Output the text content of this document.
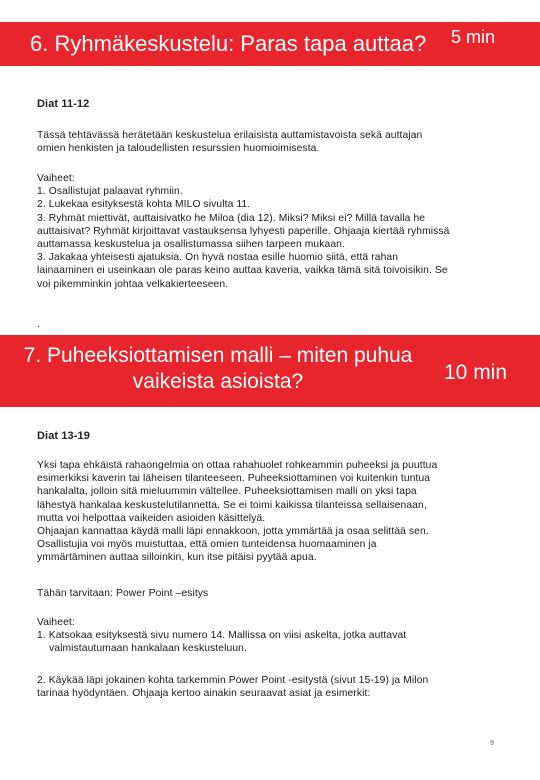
6. Ryhmäkeskustelu: Paras tapa auttaa? 5 min
Diat 11-12
Tässä tehtävässä herätetään keskustelua erilaisista auttamistavoista sekä auttajan
omien henkisten ja taloudellisten resurssien huomioimisesta.
Vaiheet:
1. Osallistujat palaavat ryhmiin.
2. Lukekaa esityksestä kohta MILO sivulta 11.
3. Ryhmät miettivät, auttaisivatko he Miloa (dia 12). Miksi? Miksi ei? Millä tavalla he
auttaisivat? Ryhmät kirjoittavat vastauksensa lyhyesti paperille. Ohjaaja kiertää ryhmissä
auttamassa keskustelua ja osallistumassa siihen tarpeen mukaan.
3. Jakakaa yhteisesti ajatuksia. On hyvä nostaa esille huomio siitä, että rahan
lainaaminen ei useinkaan ole paras keino auttaa kaveria, vaikka tämä sitä toivoisikin. Se
voi pikemminkin johtaa velkakierteeseen.
.
7. Puheeksiottamisen malli – miten puhua vaikeista asioista?	10 min
Diat 13-19
Yksi tapa ehkäistä rahaongelmia on ottaa rahahuolet rohkeammin puheeksi ja puuttua
esimerkiksi kaverin tai läheisen tilanteeseen. Puheeksiottaminen voi kuitenkin tuntua
hankalalta, jolloin sitä mieluummin vältellee. Puheeksiottamisen malli on yksi tapa
lähestyä hankalaa keskustelutilannetta. Se ei toimi kaikissa tilanteissa sellaisenaan,
mutta voi helpottaa vaikeiden asioiden käsittelyä.
Ohjaajan kannattaa käydä malli läpi ennakkoon, jotta ymmärtää ja osaa selittää sen.
Osallistujia voi myös muistuttaa, että omien tunteidensa huomaaminen ja
ymmärtäminen auttaa silloinkin, kun itse pitäisi pyytää apua.
Tähän tarvitaan: Power Point –esitys
Vaiheet:
1. Katsokaa esityksestä sivu numero 14. Mallissa on viisi askelta, jotka auttavat
valmistautumaan hankalaan keskusteluun.
2. Käykää läpi jokainen kohta tarkemmin Power Point -esitystä (sivut 15-19) ja Milon
tarinaa hyödyntäen. Ohjaaja kertoo ainakin seuraavat asiat ja esimerkit:
9
